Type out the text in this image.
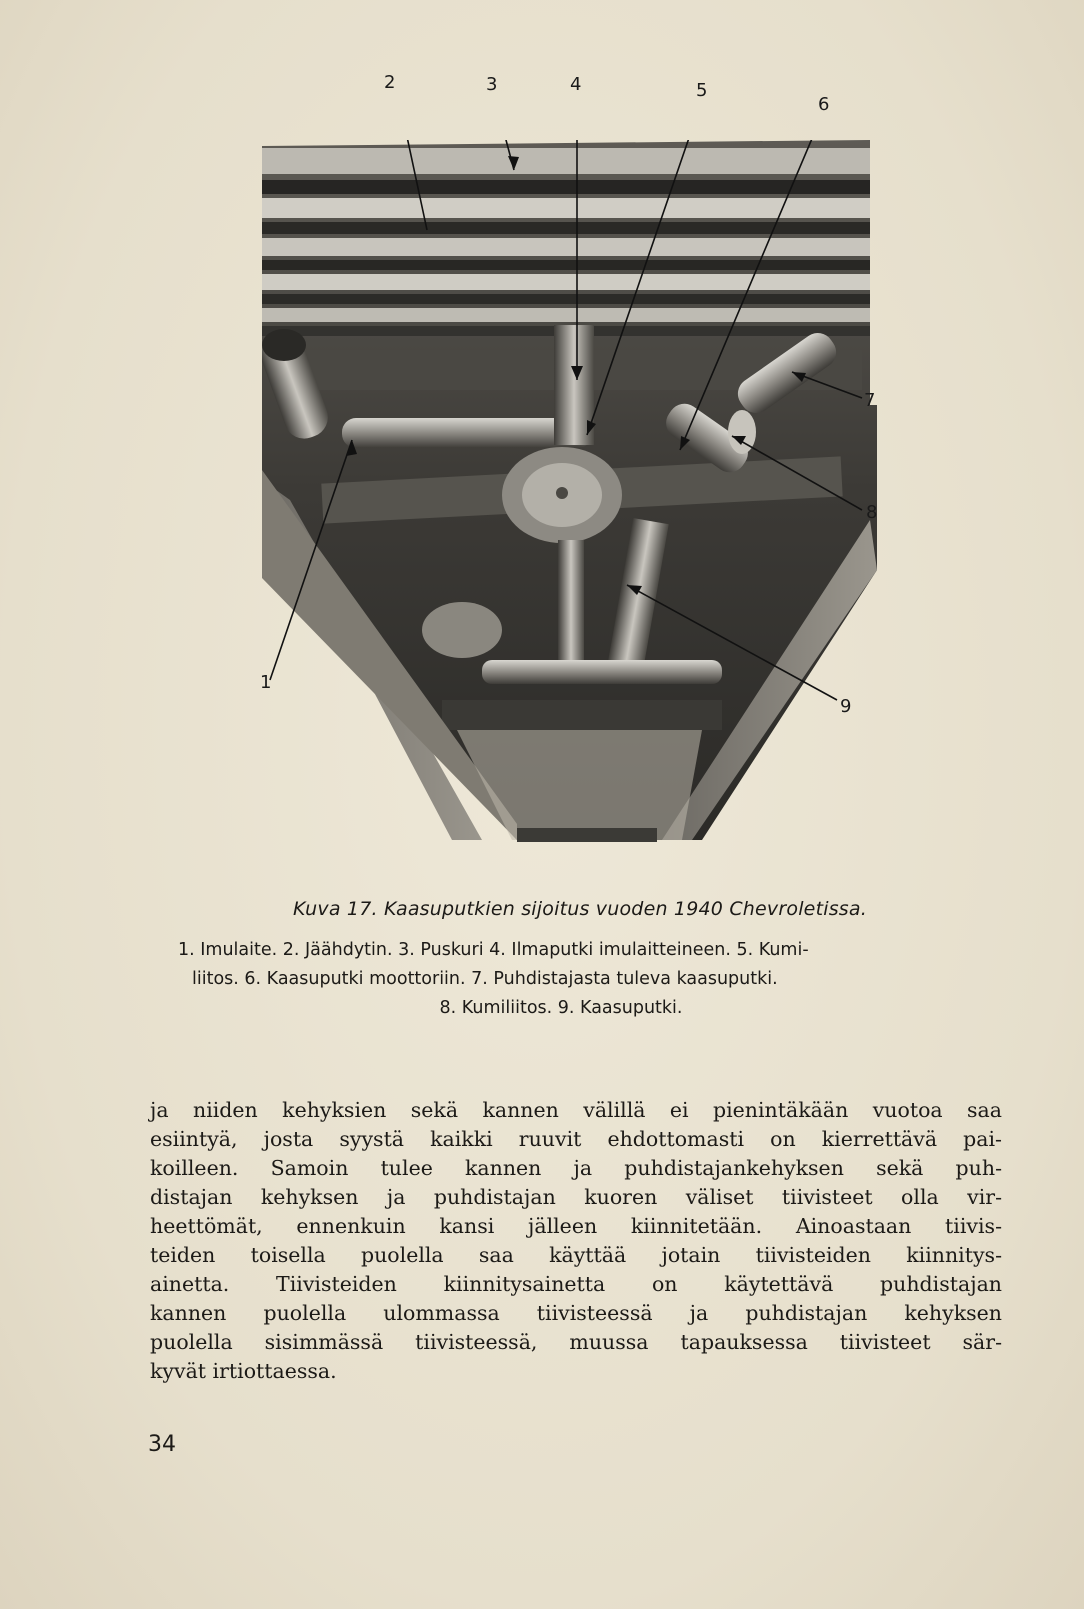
1
2	3	4	5
6
7
8
9
Kuva 17. Kaasuputkien sijoitus vuoden 1940 Chevroletissa.
1. Imulaite. 2. Jäähdytin. 3. Puskuri 4. Ilmaputki imulaitteineen. 5. Kumi-
liitos. 6. Kaasuputki moottoriin. 7. Puhdistajasta tuleva kaasuputki.
8. Kumiliitos. 9. Kaasuputki.
ja niiden kehyksien sekä kannen välillä ei pienintäkään vuotoa saa
esiintyä, josta syystä kaikki ruuvit ehdottomasti on kierrettävä pai-
koilleen. Samoin tulee kannen ja puhdistajankehyksen sekä puh-
distajan kehyksen ja puhdistajan kuoren väliset tiivisteet olla vir-
heettömät, ennenkuin kansi jälleen kiinnitetään. Ainoastaan tiivis-
teiden toisella puolella saa käyttää jotain tiivisteiden kiinnitys-
ainetta. Tiivisteiden kiinnitysainetta on käytettävä puhdistajan
kannen puolella ulommassa tiivisteessä ja puhdistajan kehyksen
puolella sisimmässä tiivisteessä, muussa tapauksessa tiivisteet sär-
kyvät irtiottaessa.
34
